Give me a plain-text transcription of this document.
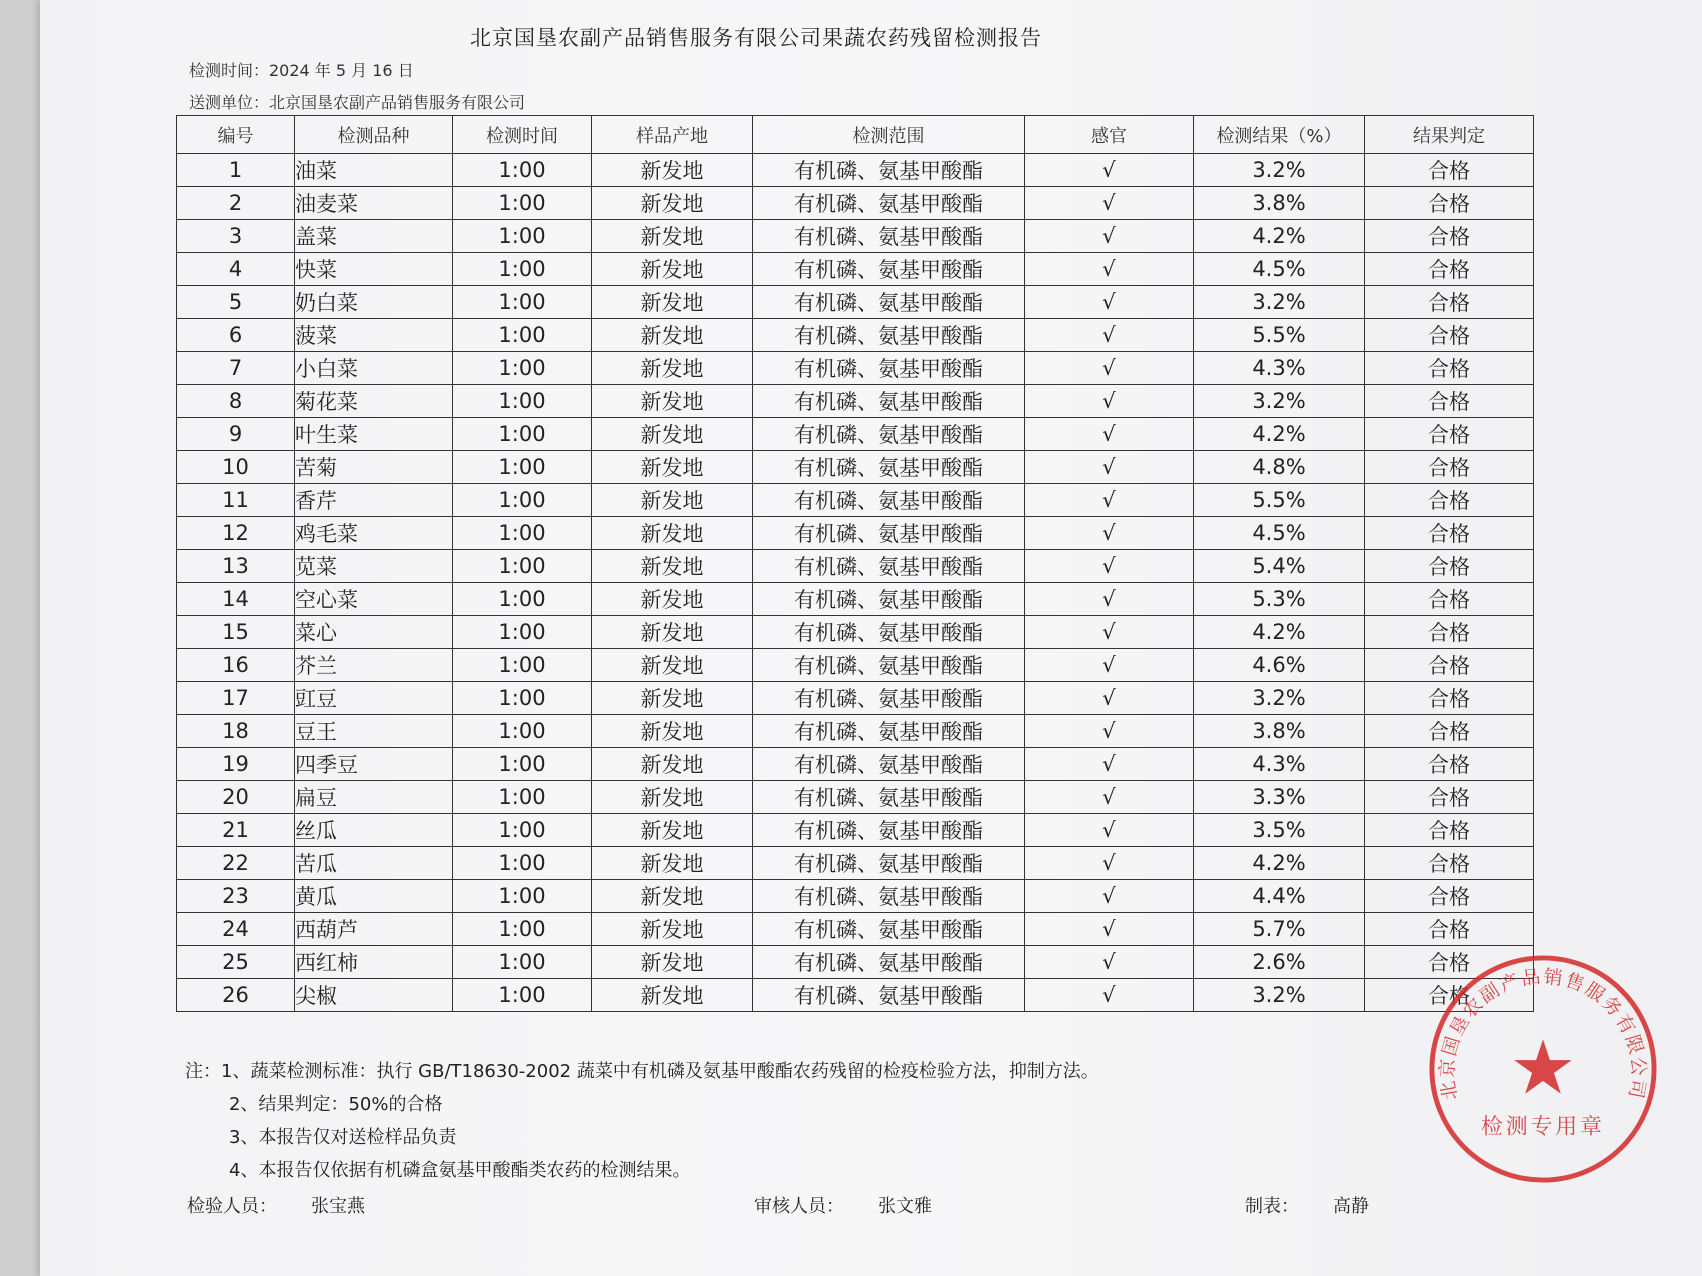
北京国垦农副产品销售服务有限公司果蔬农药残留检测报告
检测时间：2024 年 5 月 16 日
送测单位：北京国垦农副产品销售服务有限公司
编号	检测品种	检测时间	样品产地	检测范围	感官	检测结果（%）	结果判定
1	油菜	1:00	新发地	有机磷、氨基甲酸酯	√	3.2%	合格
2	油麦菜	1:00	新发地	有机磷、氨基甲酸酯	√	3.8%	合格
3	盖菜	1:00	新发地	有机磷、氨基甲酸酯	√	4.2%	合格
4	快菜	1:00	新发地	有机磷、氨基甲酸酯	√	4.5%	合格
5	奶白菜	1:00	新发地	有机磷、氨基甲酸酯	√	3.2%	合格
6	菠菜	1:00	新发地	有机磷、氨基甲酸酯	√	5.5%	合格
7	小白菜	1:00	新发地	有机磷、氨基甲酸酯	√	4.3%	合格
8	菊花菜	1:00	新发地	有机磷、氨基甲酸酯	√	3.2%	合格
9	叶生菜	1:00	新发地	有机磷、氨基甲酸酯	√	4.2%	合格
10	苦菊	1:00	新发地	有机磷、氨基甲酸酯	√	4.8%	合格
11	香芹	1:00	新发地	有机磷、氨基甲酸酯	√	5.5%	合格
12	鸡毛菜	1:00	新发地	有机磷、氨基甲酸酯	√	4.5%	合格
13	苋菜	1:00	新发地	有机磷、氨基甲酸酯	√	5.4%	合格
14	空心菜	1:00	新发地	有机磷、氨基甲酸酯	√	5.3%	合格
15	菜心	1:00	新发地	有机磷、氨基甲酸酯	√	4.2%	合格
16	芥兰	1:00	新发地	有机磷、氨基甲酸酯	√	4.6%	合格
17	豇豆	1:00	新发地	有机磷、氨基甲酸酯	√	3.2%	合格
18	豆王	1:00	新发地	有机磷、氨基甲酸酯	√	3.8%	合格
19	四季豆	1:00	新发地	有机磷、氨基甲酸酯	√	4.3%	合格
20	扁豆	1:00	新发地	有机磷、氨基甲酸酯	√	3.3%	合格
21	丝瓜	1:00	新发地	有机磷、氨基甲酸酯	√	3.5%	合格
22	苦瓜	1:00	新发地	有机磷、氨基甲酸酯	√	4.2%	合格
23	黄瓜	1:00	新发地	有机磷、氨基甲酸酯	√	4.4%	合格
24	西葫芦	1:00	新发地	有机磷、氨基甲酸酯	√	5.7%	合格
25	西红柿	1:00	新发地	有机磷、氨基甲酸酯	√	2.6%	合格
26	尖椒	1:00	新发地	有机磷、氨基甲酸酯	√	3.2%	合格
注：1、蔬菜检测标准：执行 GB/T18630-2002 蔬菜中有机磷及氨基甲酸酯农药残留的检疫检验方法，抑制方法。
2、结果判定：50%的合格
3、本报告仅对送检样品负责
4、本报告仅依据有机磷盒氨基甲酸酯类农药的检测结果。
检验人员： 张宝燕	审核人员： 张文雅	制表： 高静
北京国垦农副产品销售服务有限公司
检测专用章
